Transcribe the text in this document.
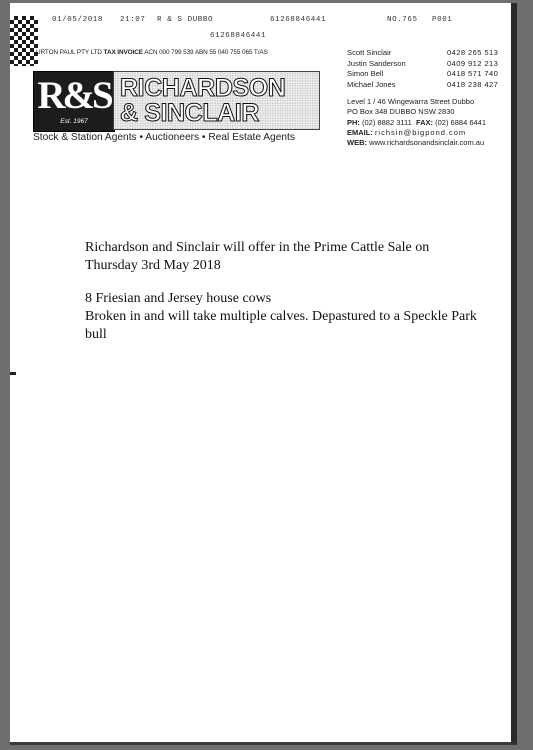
01/05/2018 21:07 R & S DUBBO	61268846441	NO.765 P001
61268846441
URTON PAUL PTY LTD TAX INVOICE ACN 000 799 539 ABN 55 040 755 065 T/AS
R&S
Est. 1967
RICHARDSON
& SINCLAIR
Stock & Station Agents • Auctioneers • Real Estate Agents
Scott Sinclair	0428 265 513
Justin Sanderson	0409 912 213
Simon Bell	0418 571 740
Michael Jones	0418 238 427
Level 1 / 46 Wingewarra Street Dubbo
PO Box 348 DUBBO NSW 2830
PH: (02) 8882 3111 FAX: (02) 6884 6441
EMAIL: richsin@bigpond.com
WEB: www.richardsonandsinclair.com.au

Richardson and Sinclair will offer in the Prime Cattle Sale on Thursday 3rd May 2018

8 Friesian and Jersey house cows
Broken in and will take multiple calves. Depastured to a Speckle Park bull
